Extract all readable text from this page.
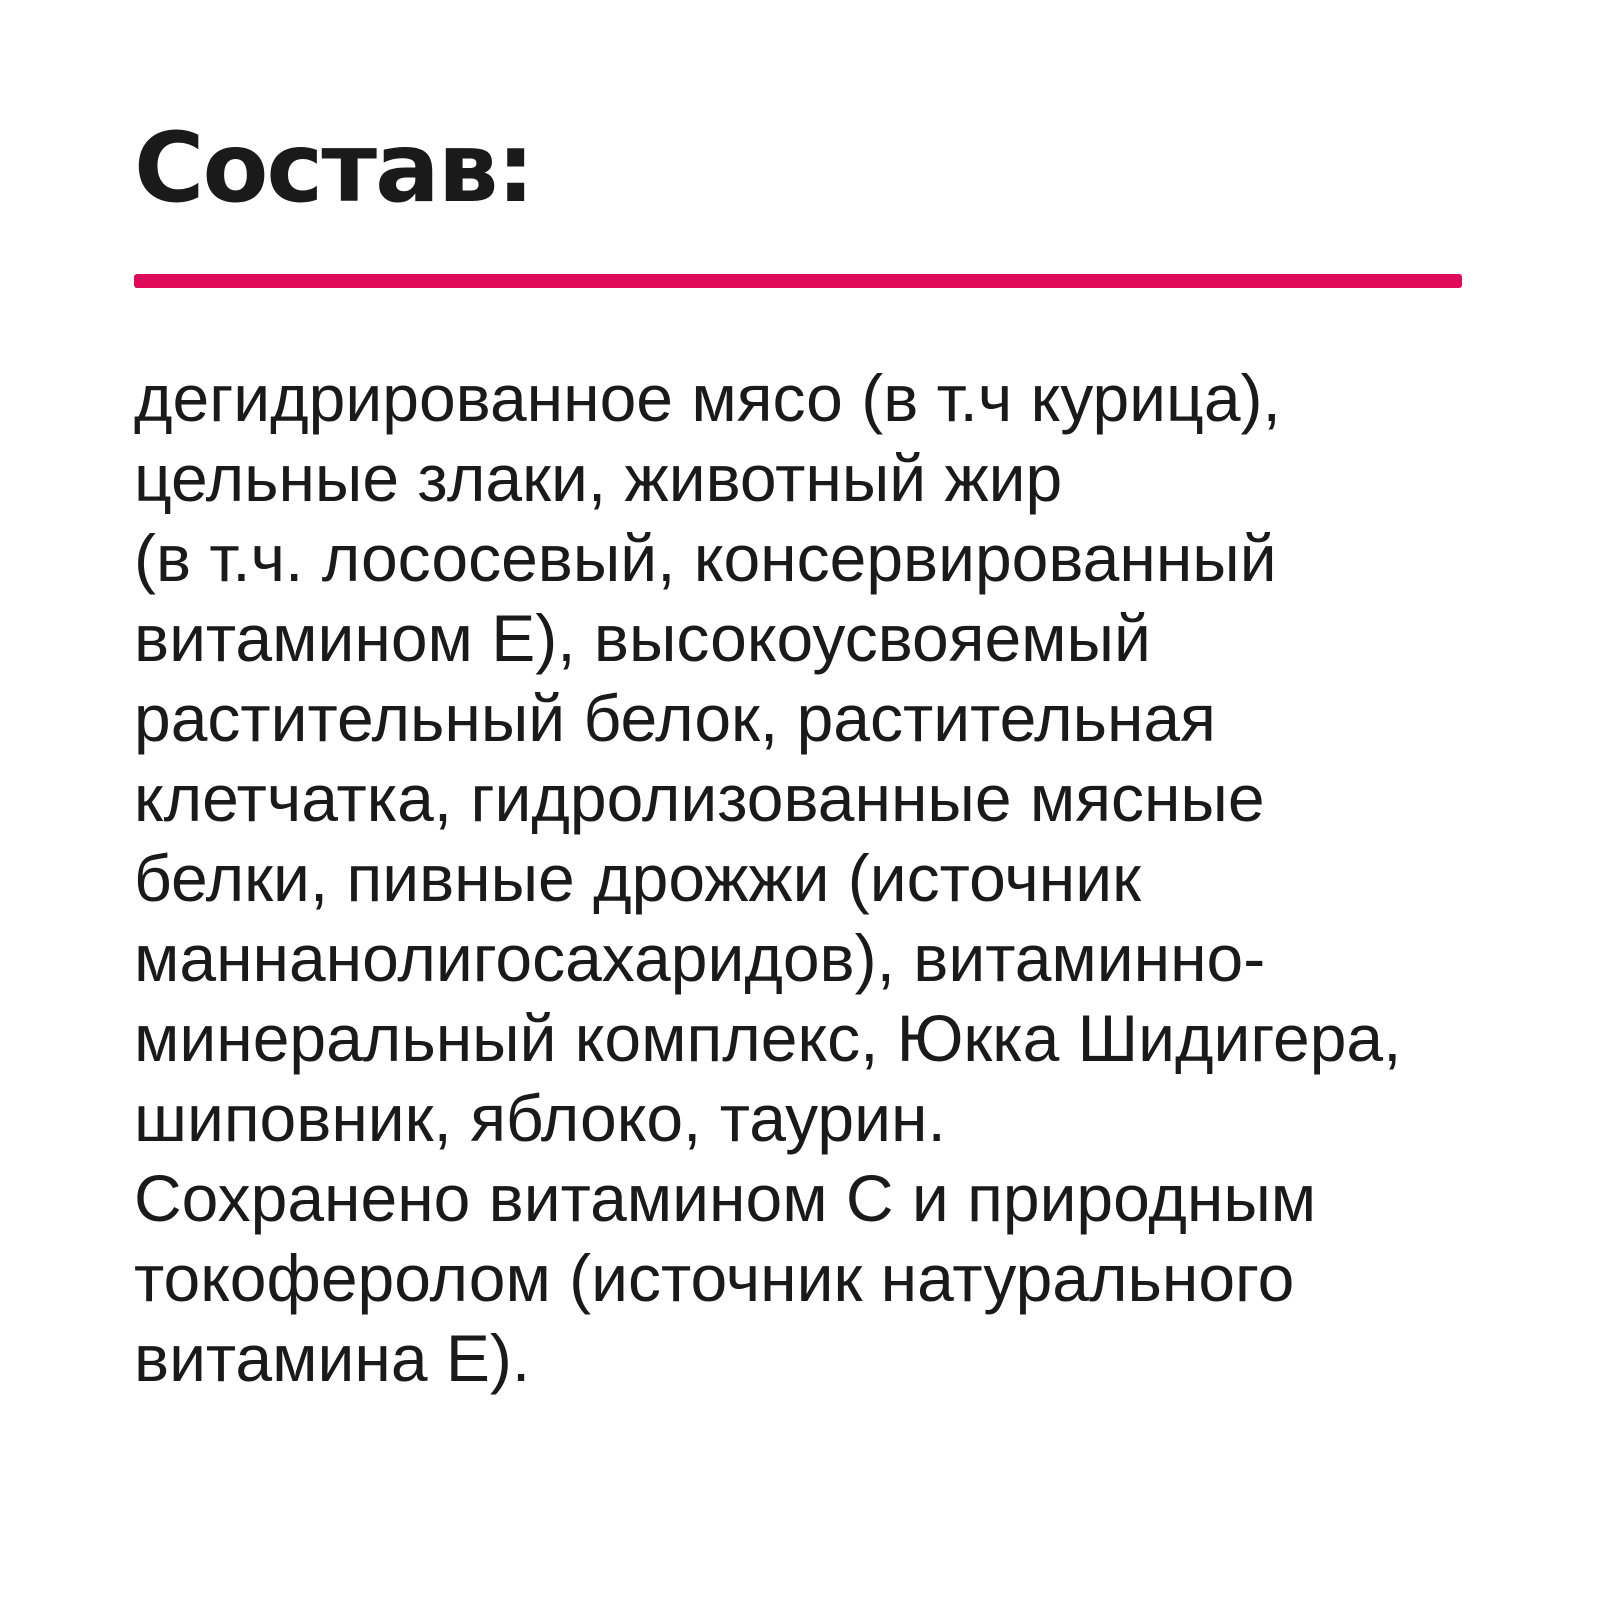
Состав:

дегидрированное мясо (в т.ч курица),
цельные злаки, животный жир
(в т.ч. лососевый, консервированный
витамином Е), высокоусвояемый
растительный белок, растительная
клетчатка, гидролизованные мясные
белки, пивные дрожжи (источник
маннанолигосахаридов), витаминно-
минеральный комплекс, Юкка Шидигера,
шиповник, яблоко, таурин.
Сохранено витамином С и природным
токоферолом (источник натурального
витамина Е).
